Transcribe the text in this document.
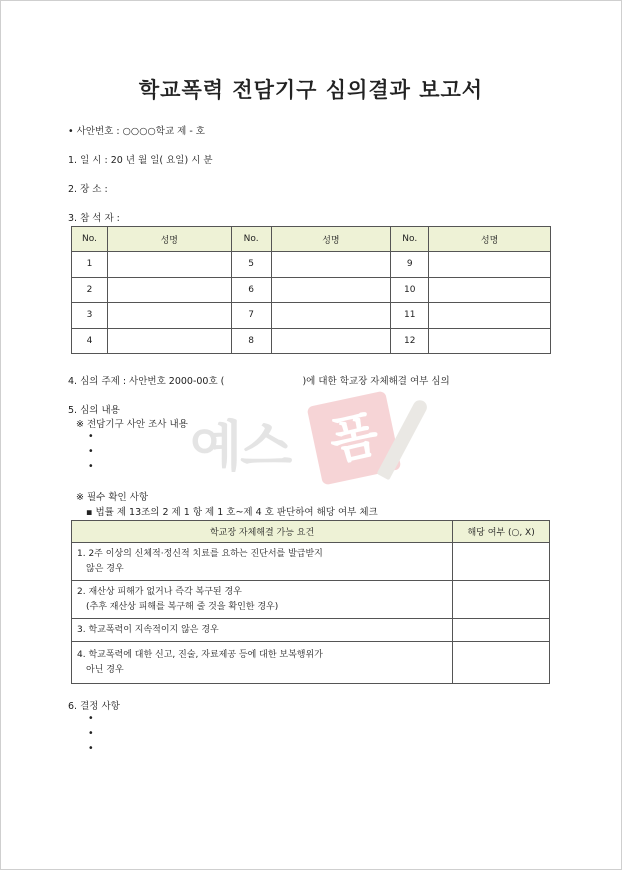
학교폭력 전담기구 심의결과 보고서
• 사안번호 : ○○○○학교 제 - 호
1. 일 시 : 20 년 월 일( 요일) 시 분
2. 장 소 :
3. 참 석 자 :
No.	성명	No.	성명	No.	성명
1		5		9	
2		6		10	
3		7		11	
4		8		12	
4. 심의 주제 : 사안번호 2000-00호 (	)에 대한 학교장 자체해결 여부 심의
5. 심의 내용
※ 전담기구 사안 조사 내용
•
•
•
※ 필수 확인 사항
▪ 법률 제 13조의 2 제 1 항 제 1 호~제 4 호 판단하여 해당 여부 체크
학교장 자체해결 가능 요건	해당 여부 (○, X)

1. 2주 이상의 신체적·정신적 치료를 요하는 진단서를 발급받지
않은 경우	

2. 재산상 피해가 없거나 즉각 복구된 경우
(추후 재산상 피해를 복구해 줄 것을 확인한 경우)	

3. 학교폭력이 지속적이지 않은 경우	

4. 학교폭력에 대한 신고, 진술, 자료제공 등에 대한 보복행위가
아닌 경우	

6. 결정 사항
•
•
•
예스 폼
